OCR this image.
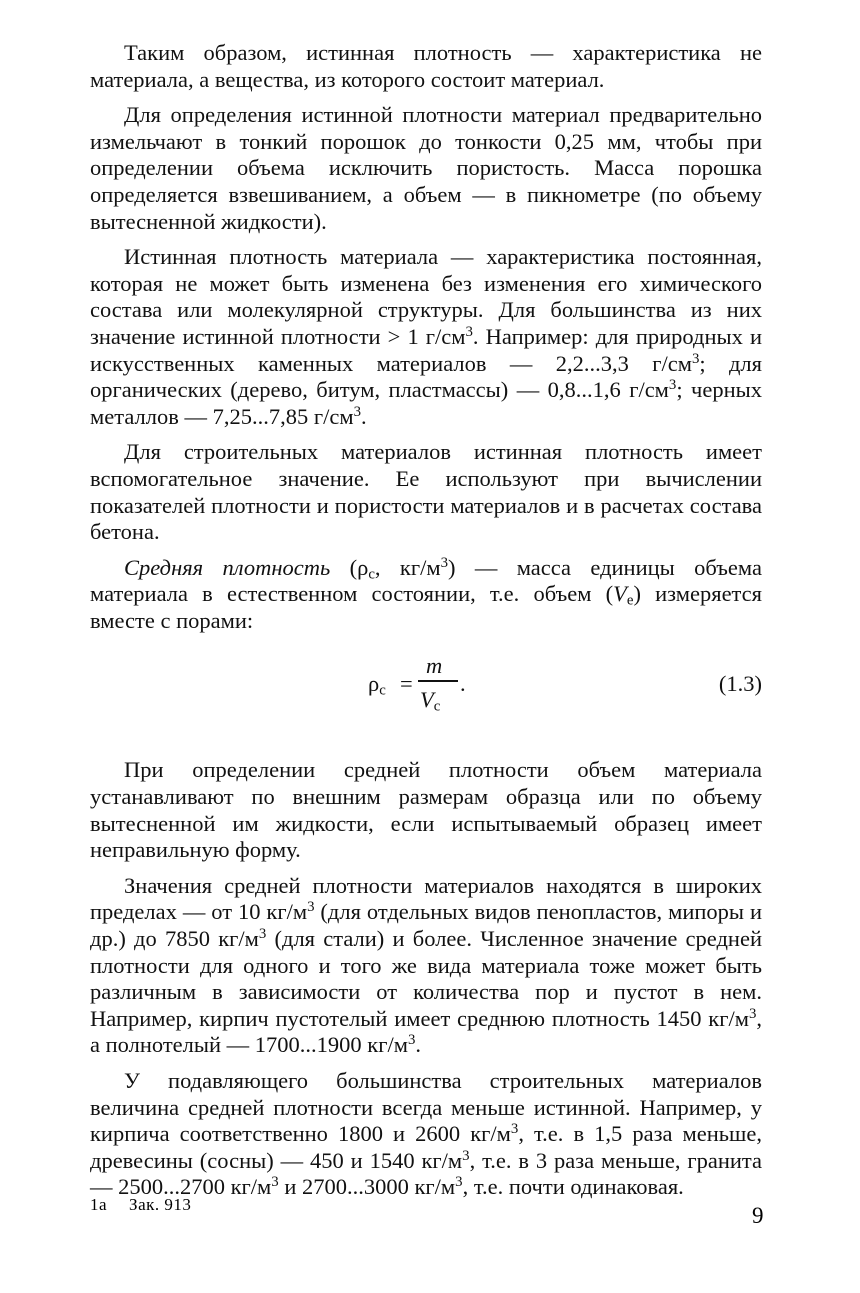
Таким образом, истинная плотность — характеристика не материала, а вещества, из которого состоит материал.

Для определения истинной плотности материал предварительно измельчают в тонкий порошок до тонкости 0,25 мм, чтобы при определении объема исключить пористость. Масса порошка определяется взвешиванием, а объем — в пикнометре (по объему вытесненной жидкости).

Истинная плотность материала — характеристика постоянная, которая не может быть изменена без изменения его химического состава или молекулярной структуры. Для большинства из них значение истинной плотности > 1 $г/см^3$. Например: для природных и искусственных каменных материалов — 2,2...3,3 $г/см^3$; для органических (дерево, битум, пластмассы) — 0,8...1,6 $г/см^3$; черных металлов — 7,25...7,85 $г/см^3$.

Для строительных материалов истинная плотность имеет вспомогательное значение. Ее используют при вычислении показателей плотности и пористости материалов и в расчетах состава бетона.

Средняя плотность ($\rho_c$, $кг/м^3$) — масса единицы объема материала в естественном состоянии, т.е. объем $(V_e)$ измеряется вместе с порами:

$\rho_c$ =
m
.
$V_c$
(1.3)

При определении средней плотности объем материала устанавливают по внешним размерам образца или по объему вытесненной им жидкости, если испытываемый образец имеет неправильную форму.

Значения средней плотности материалов находятся в широких пределах — от 10 $кг/м^3$ (для отдельных видов пенопластов, мипоры и др.) до 7850 $кг/м^3$ (для стали) и более. Численное значение средней плотности для одного и того же вида материала тоже может быть различным в зависимости от количества пор и пустот в нем. Например, кирпич пустотелый имеет среднюю плотность 1450 $кг/м^3$, а полнотелый — 1700...1900 $кг/м^3$.

У подавляющего большинства строительных материалов величина средней плотности всегда меньше истинной. Например, у кирпича соответственно 1800 и 2600 $кг/м^3$, т.е. в 1,5 раза меньше, древесины (сосны) — 450 и 1540 $кг/м^3$, т.е. в 3 раза меньше, гранита — 2500...2700 $кг/м^3$ и 2700...3000 $кг/м^3$, т.е. почти одинаковая.

1a Зак. 913	9
